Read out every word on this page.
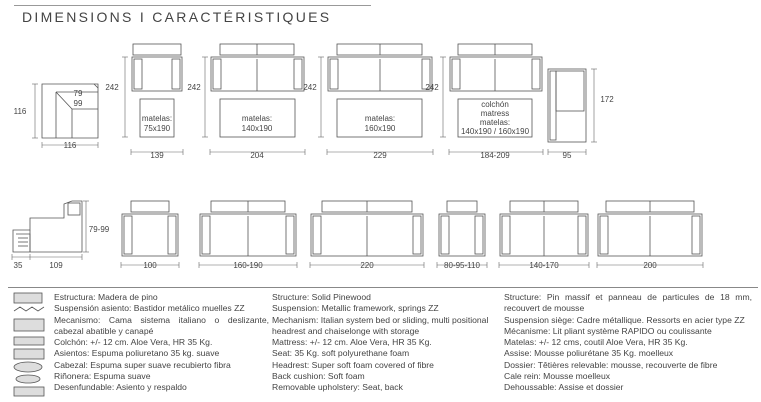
DIMENSIONS I CARACTÉRISTIQUES
116
79
99
116
242
matelas:
75x190
139
242
matelas:
140x190
204
242
matelas:
160x190
229
242
colchón
matress
matelas:
140x190 / 160x190
184-209
172
95
79-99
35	109	100	160-190	220	80-95-110	140-170	200
Estructura: Madera de pino
Suspensión asiento: Bastidor metálico muelles ZZ
Mecanismo: Cama sistema italiano o deslizante, cabezal abatible y canapé
Colchón: +/- 12 cm. Aloe Vera, HR 35 Kg.
Asientos: Espuma poliuretano 35 kg. suave
Cabezal: Espuma super suave recubierto fibra
Riñonera: Espuma suave
Desenfundable: Asiento y respaldo
Structure: Solid Pinewood
Suspension: Metallic framework, springs ZZ
Mechanism: Italian system bed or sliding, multi positional
headrest and chaiselonge with storage
Mattress: +/- 12 cm. Aloe Vera, HR 35 Kg.
Seat: 35 Kg. soft polyurethane foam
Headrest: Super soft foam covered of fibre
Back cushion: Soft foam
Removable upholstery: Seat, back
Structure: Pin massif et panneau de particules de 18 mm, recouvert de mousse
Suspension siège: Cadre métallique. Ressorts en acier type ZZ
Mécanisme: Lit pliant système RAPIDO ou coulissante
Matelas: +/- 12 cms, coutil Aloe Vera, HR 35 Kg.
Assise: Mousse poliurétane 35 Kg. moelleux
Dossier: Têtières relevable: mousse, recouverte de fibre
Cale rein: Mousse moelleux
Dehoussable: Assise et dossier
